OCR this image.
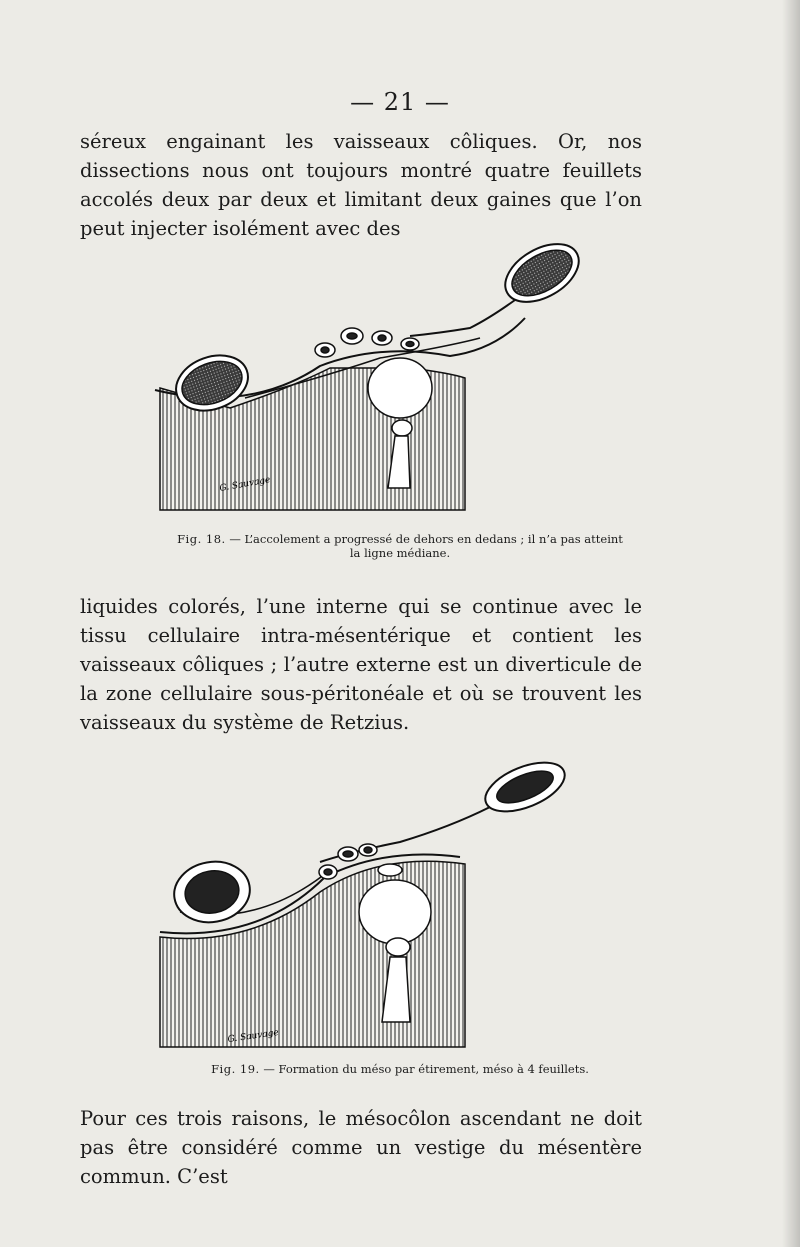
— 21 —

séreux engainant les vaisseaux côliques. Or, nos dissections nous ont toujours montré quatre feuillets accolés deux par deux et limitant deux gaines que l’on peut injecter isolément avec des

G. Sauvage
Fig. 18. — L’accolement a progressé de dehors en dedans ; il n’a pas atteint
la ligne médiane.

liquides colorés, l’une interne qui se continue avec le tissu cellulaire intra-mésentérique et contient les vaisseaux côliques ; l’autre externe est un diverticule de la zone cellulaire sous-péritonéale et où se trouvent les vaisseaux du système de Retzius.

G. Sauvage
Fig. 19. — Formation du méso par étirement, méso à 4 feuillets.

Pour ces trois raisons, le mésocôlon ascendant ne doit pas être considéré comme un vestige du mésentère commun. C’est
